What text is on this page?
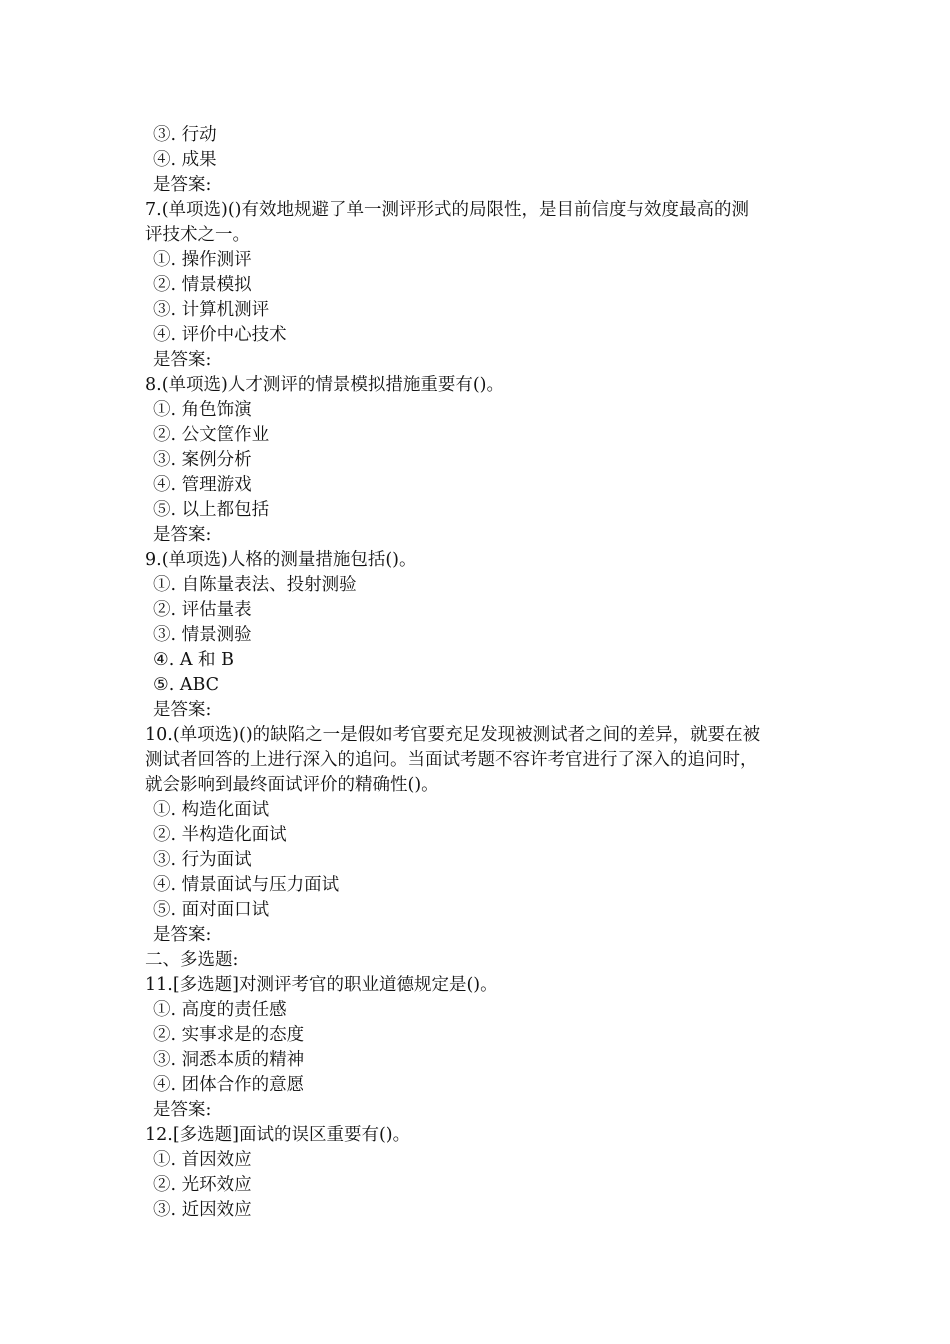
③. 行动
④. 成果
是答案:
7.(单项选)()有效地规避了单一测评形式的局限性，是目前信度与效度最高的测
评技术之一。
①. 操作测评
②. 情景模拟
③. 计算机测评
④. 评价中心技术
是答案:
8.(单项选)人才测评的情景模拟措施重要有()。
①. 角色饰演
②. 公文筐作业
③. 案例分析
④. 管理游戏
⑤. 以上都包括
是答案:
9.(单项选)人格的测量措施包括()。
①. 自陈量表法、投射测验
②. 评估量表
③. 情景测验
④. A 和 B
⑤. ABC
是答案:
10.(单项选)()的缺陷之一是假如考官要充足发现被测试者之间的差异，就要在被
测试者回答的上进行深入的追问。当面试考题不容许考官进行了深入的追问时，
就会影响到最终面试评价的精确性()。
①. 构造化面试
②. 半构造化面试
③. 行为面试
④. 情景面试与压力面试
⑤. 面对面口试
是答案:
二、多选题:
11.[多选题]对测评考官的职业道德规定是()。
①. 高度的责任感
②. 实事求是的态度
③. 洞悉本质的精神
④. 团体合作的意愿
是答案:
12.[多选题]面试的误区重要有()。
①. 首因效应
②. 光环效应
③. 近因效应
